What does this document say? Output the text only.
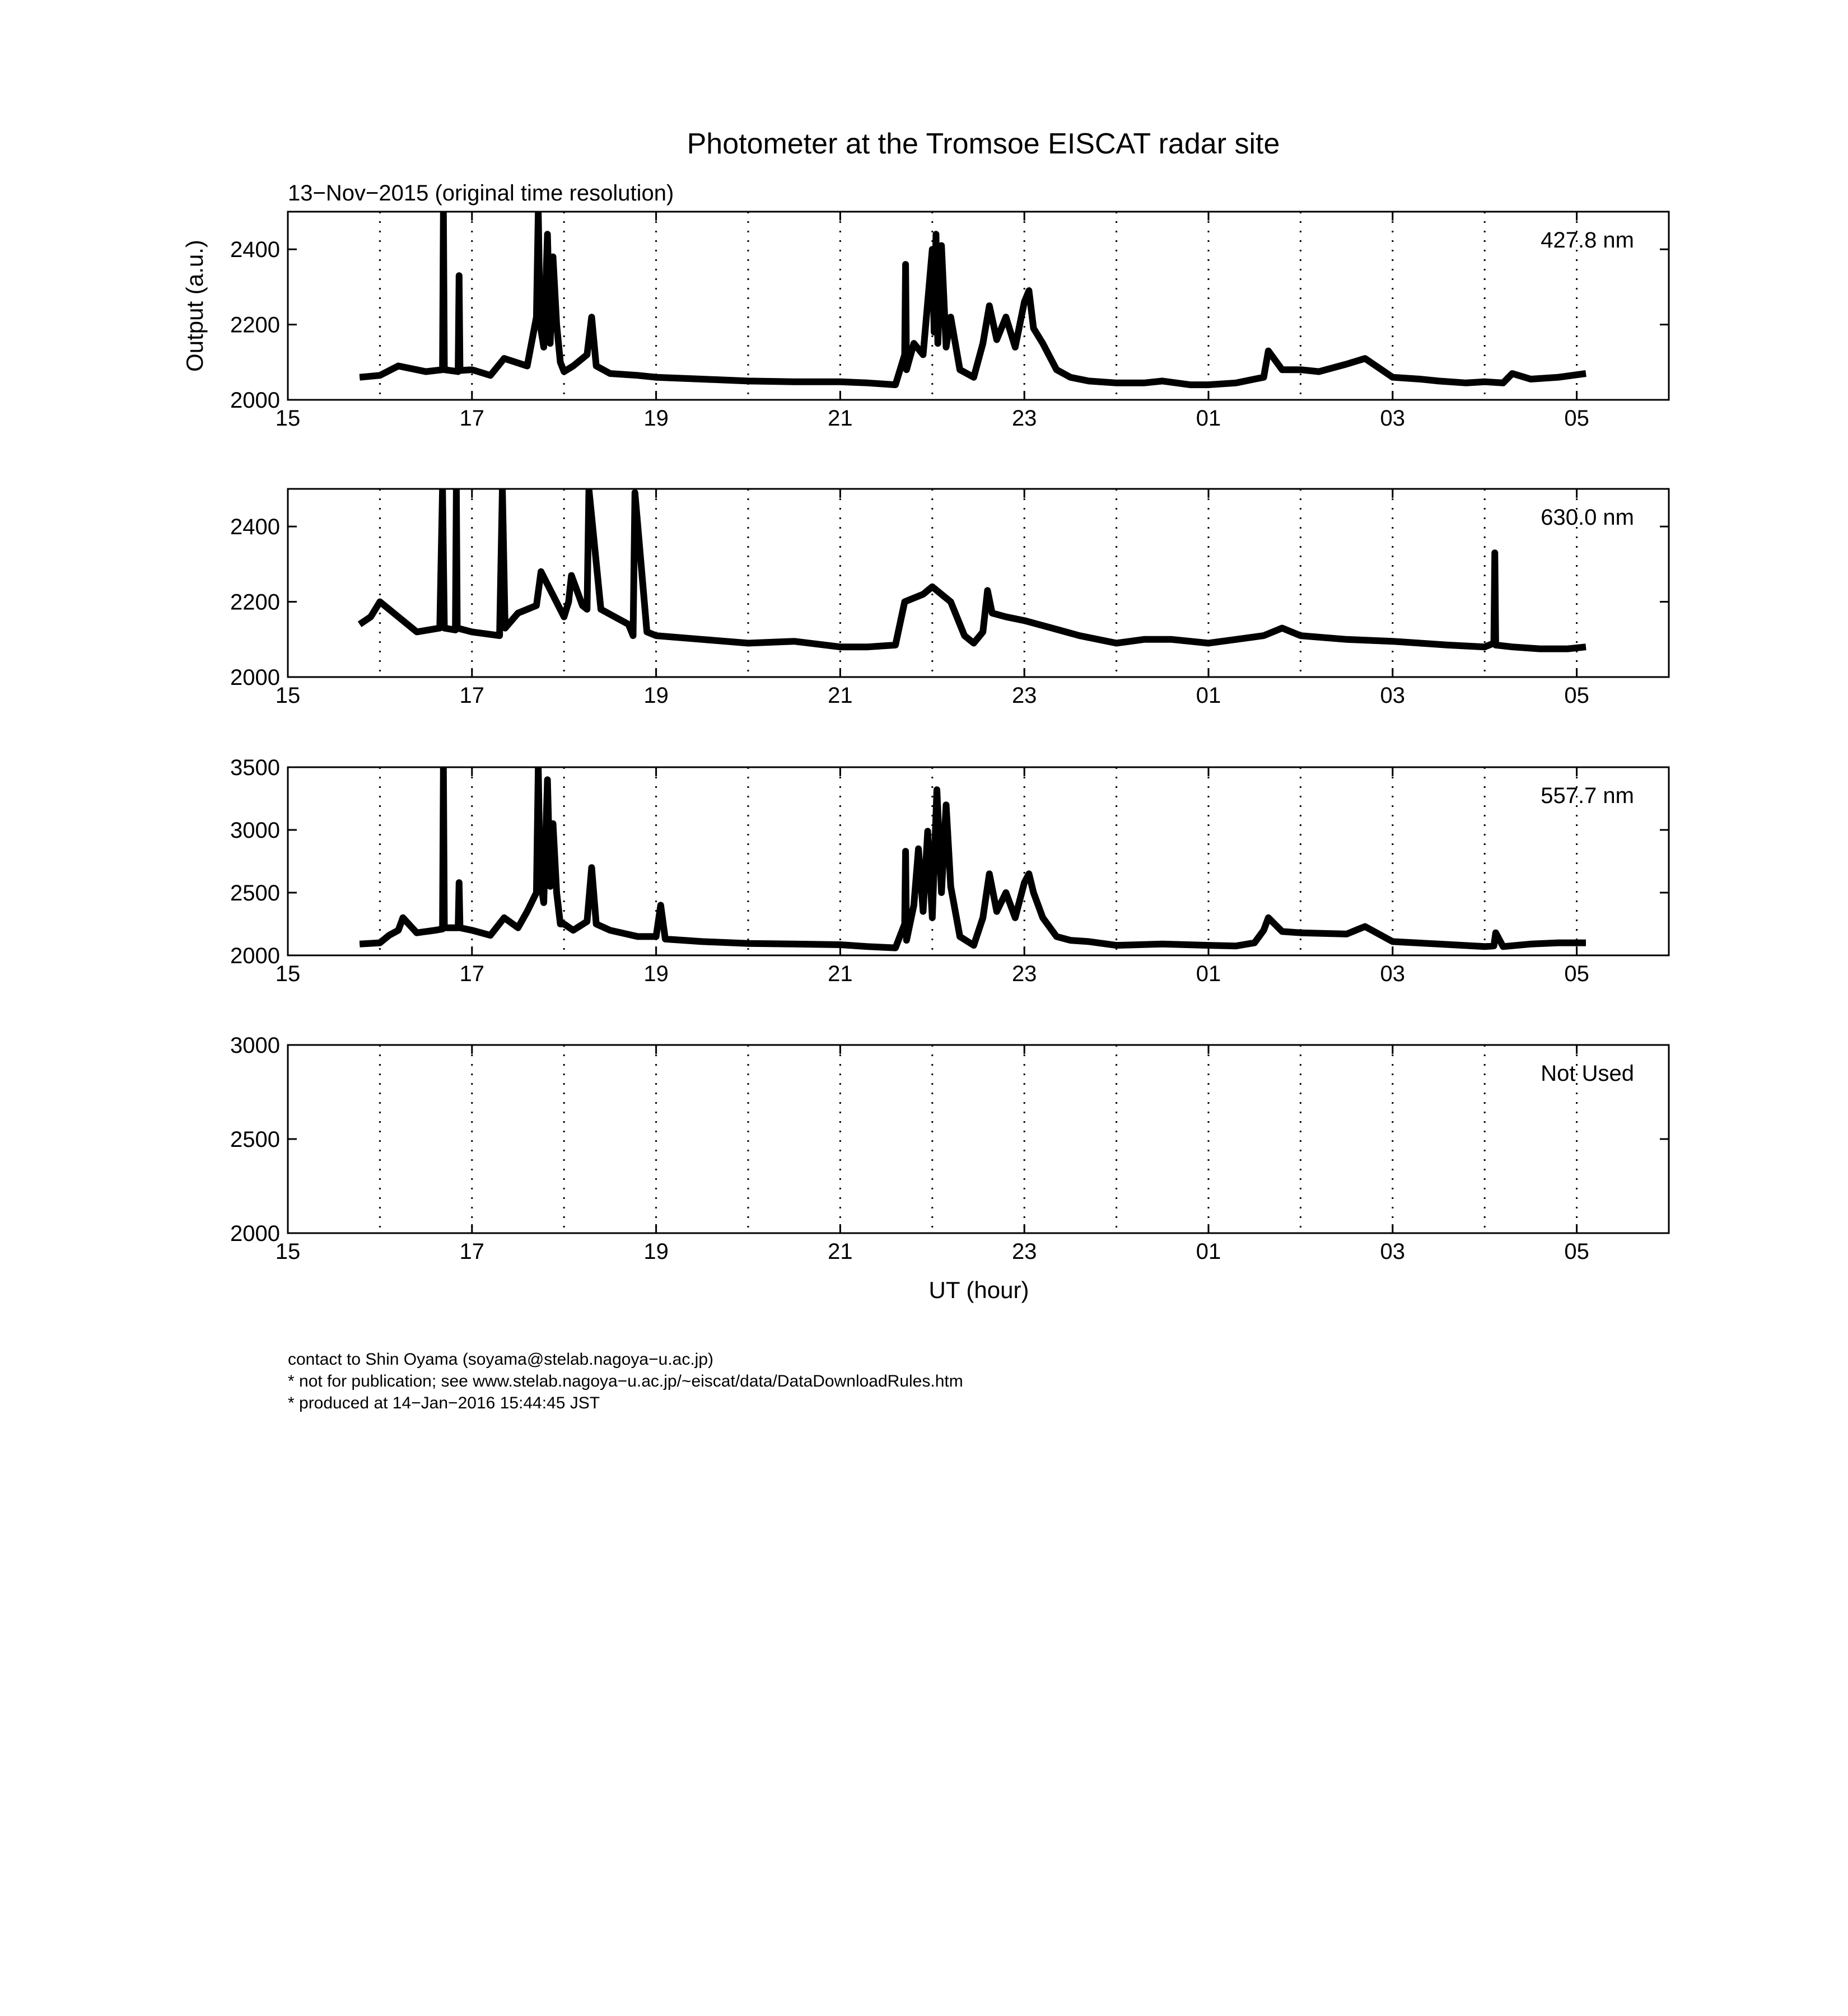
Photometer at the Tromsoe EISCAT radar site
13−Nov−2015 (original time resolution)
Output (a.u.)
UT (hour)
15	17	19	21	23	01	03	05
2000
2200
2400	427.8 nm
15	17	19	21	23	01	03	05
2000
2200
2400	630.0 nm
15	17	19	21	23	01	03	05
2000
2500
3000
3500
557.7 nm
15	17	19	21	23	01	03	05
2000
2500
3000
Not Used
contact to Shin Oyama (soyama@stelab.nagoya−u.ac.jp)
* not for publication; see www.stelab.nagoya−u.ac.jp/~eiscat/data/DataDownloadRules.htm
* produced at 14−Jan−2016 15:44:45 JST
